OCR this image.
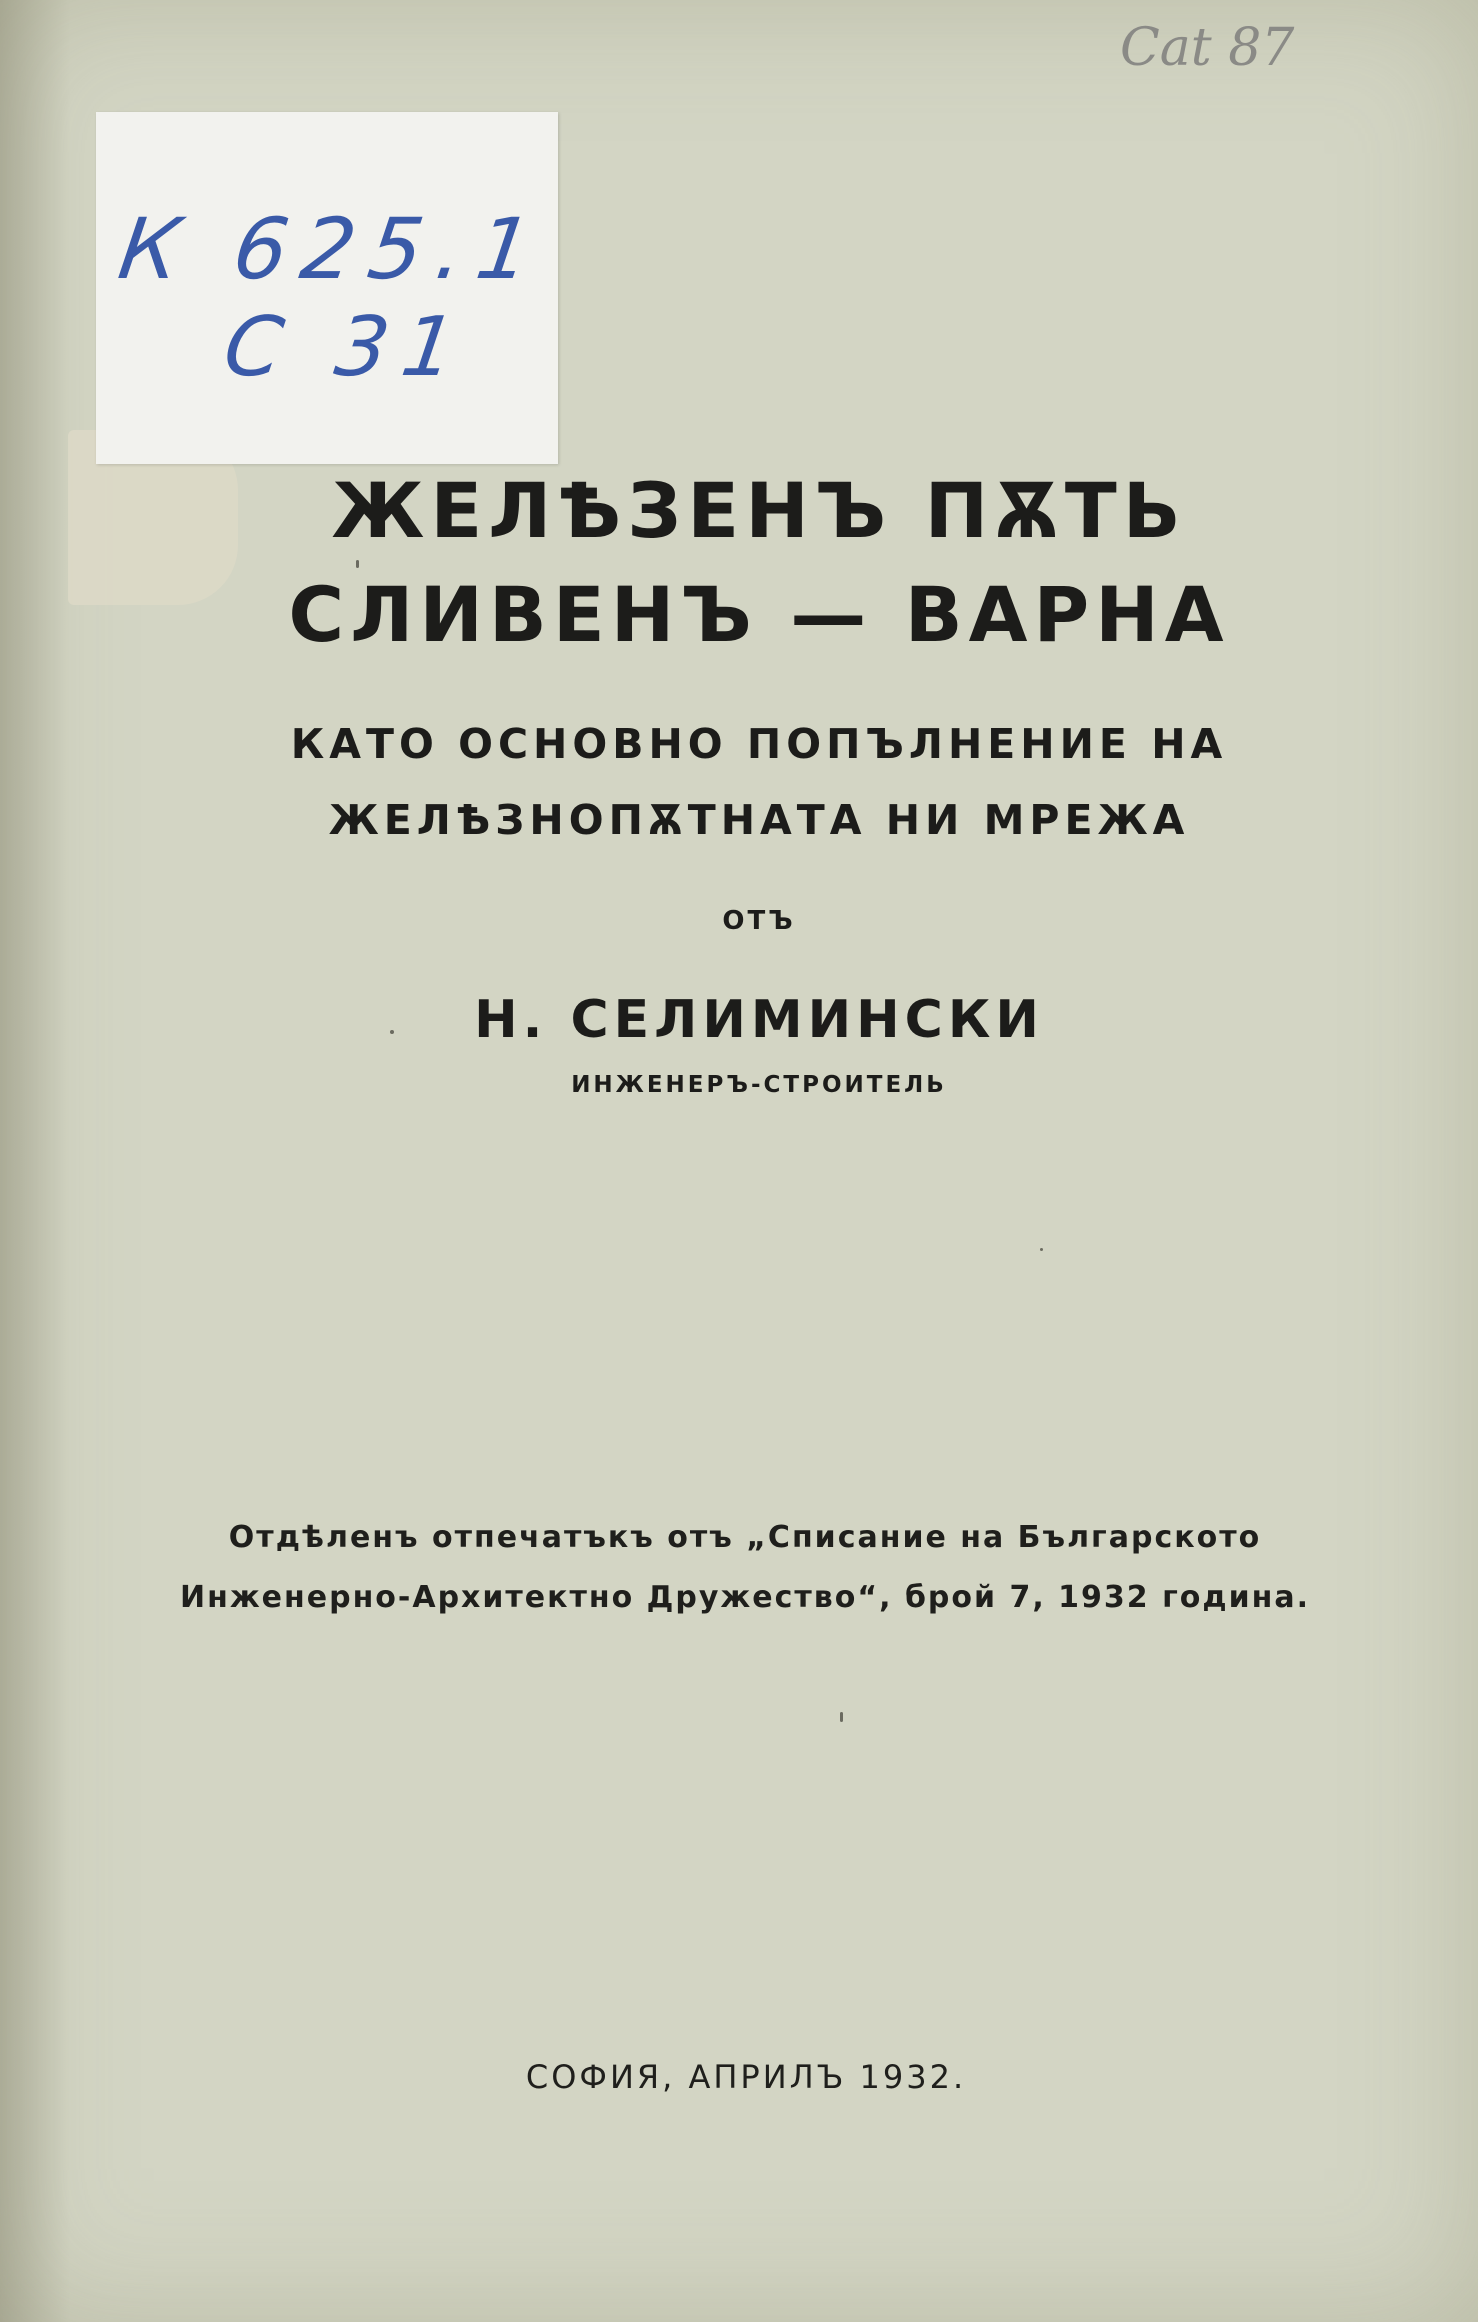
К 625.1
С 31
Cat 87
ЖЕЛѢЗЕНЪ ПѪТЬ
СЛИВЕНЪ — ВАРНА
КАТО ОСНОВНО ПОПЪЛНЕНИЕ НА
ЖЕЛѢЗНОПѪТНАТА НИ МРЕЖА
ОТЪ
Н. СЕЛИМИНСКИ
ИНЖЕНЕРЪ-СТРОИТЕЛЬ
Отдѣленъ отпечатъкъ отъ „Списание на Българското
Инженерно-Архитектно Дружество“, брой 7, 1932 година.
СОФИЯ, АПРИЛЪ 1932.
